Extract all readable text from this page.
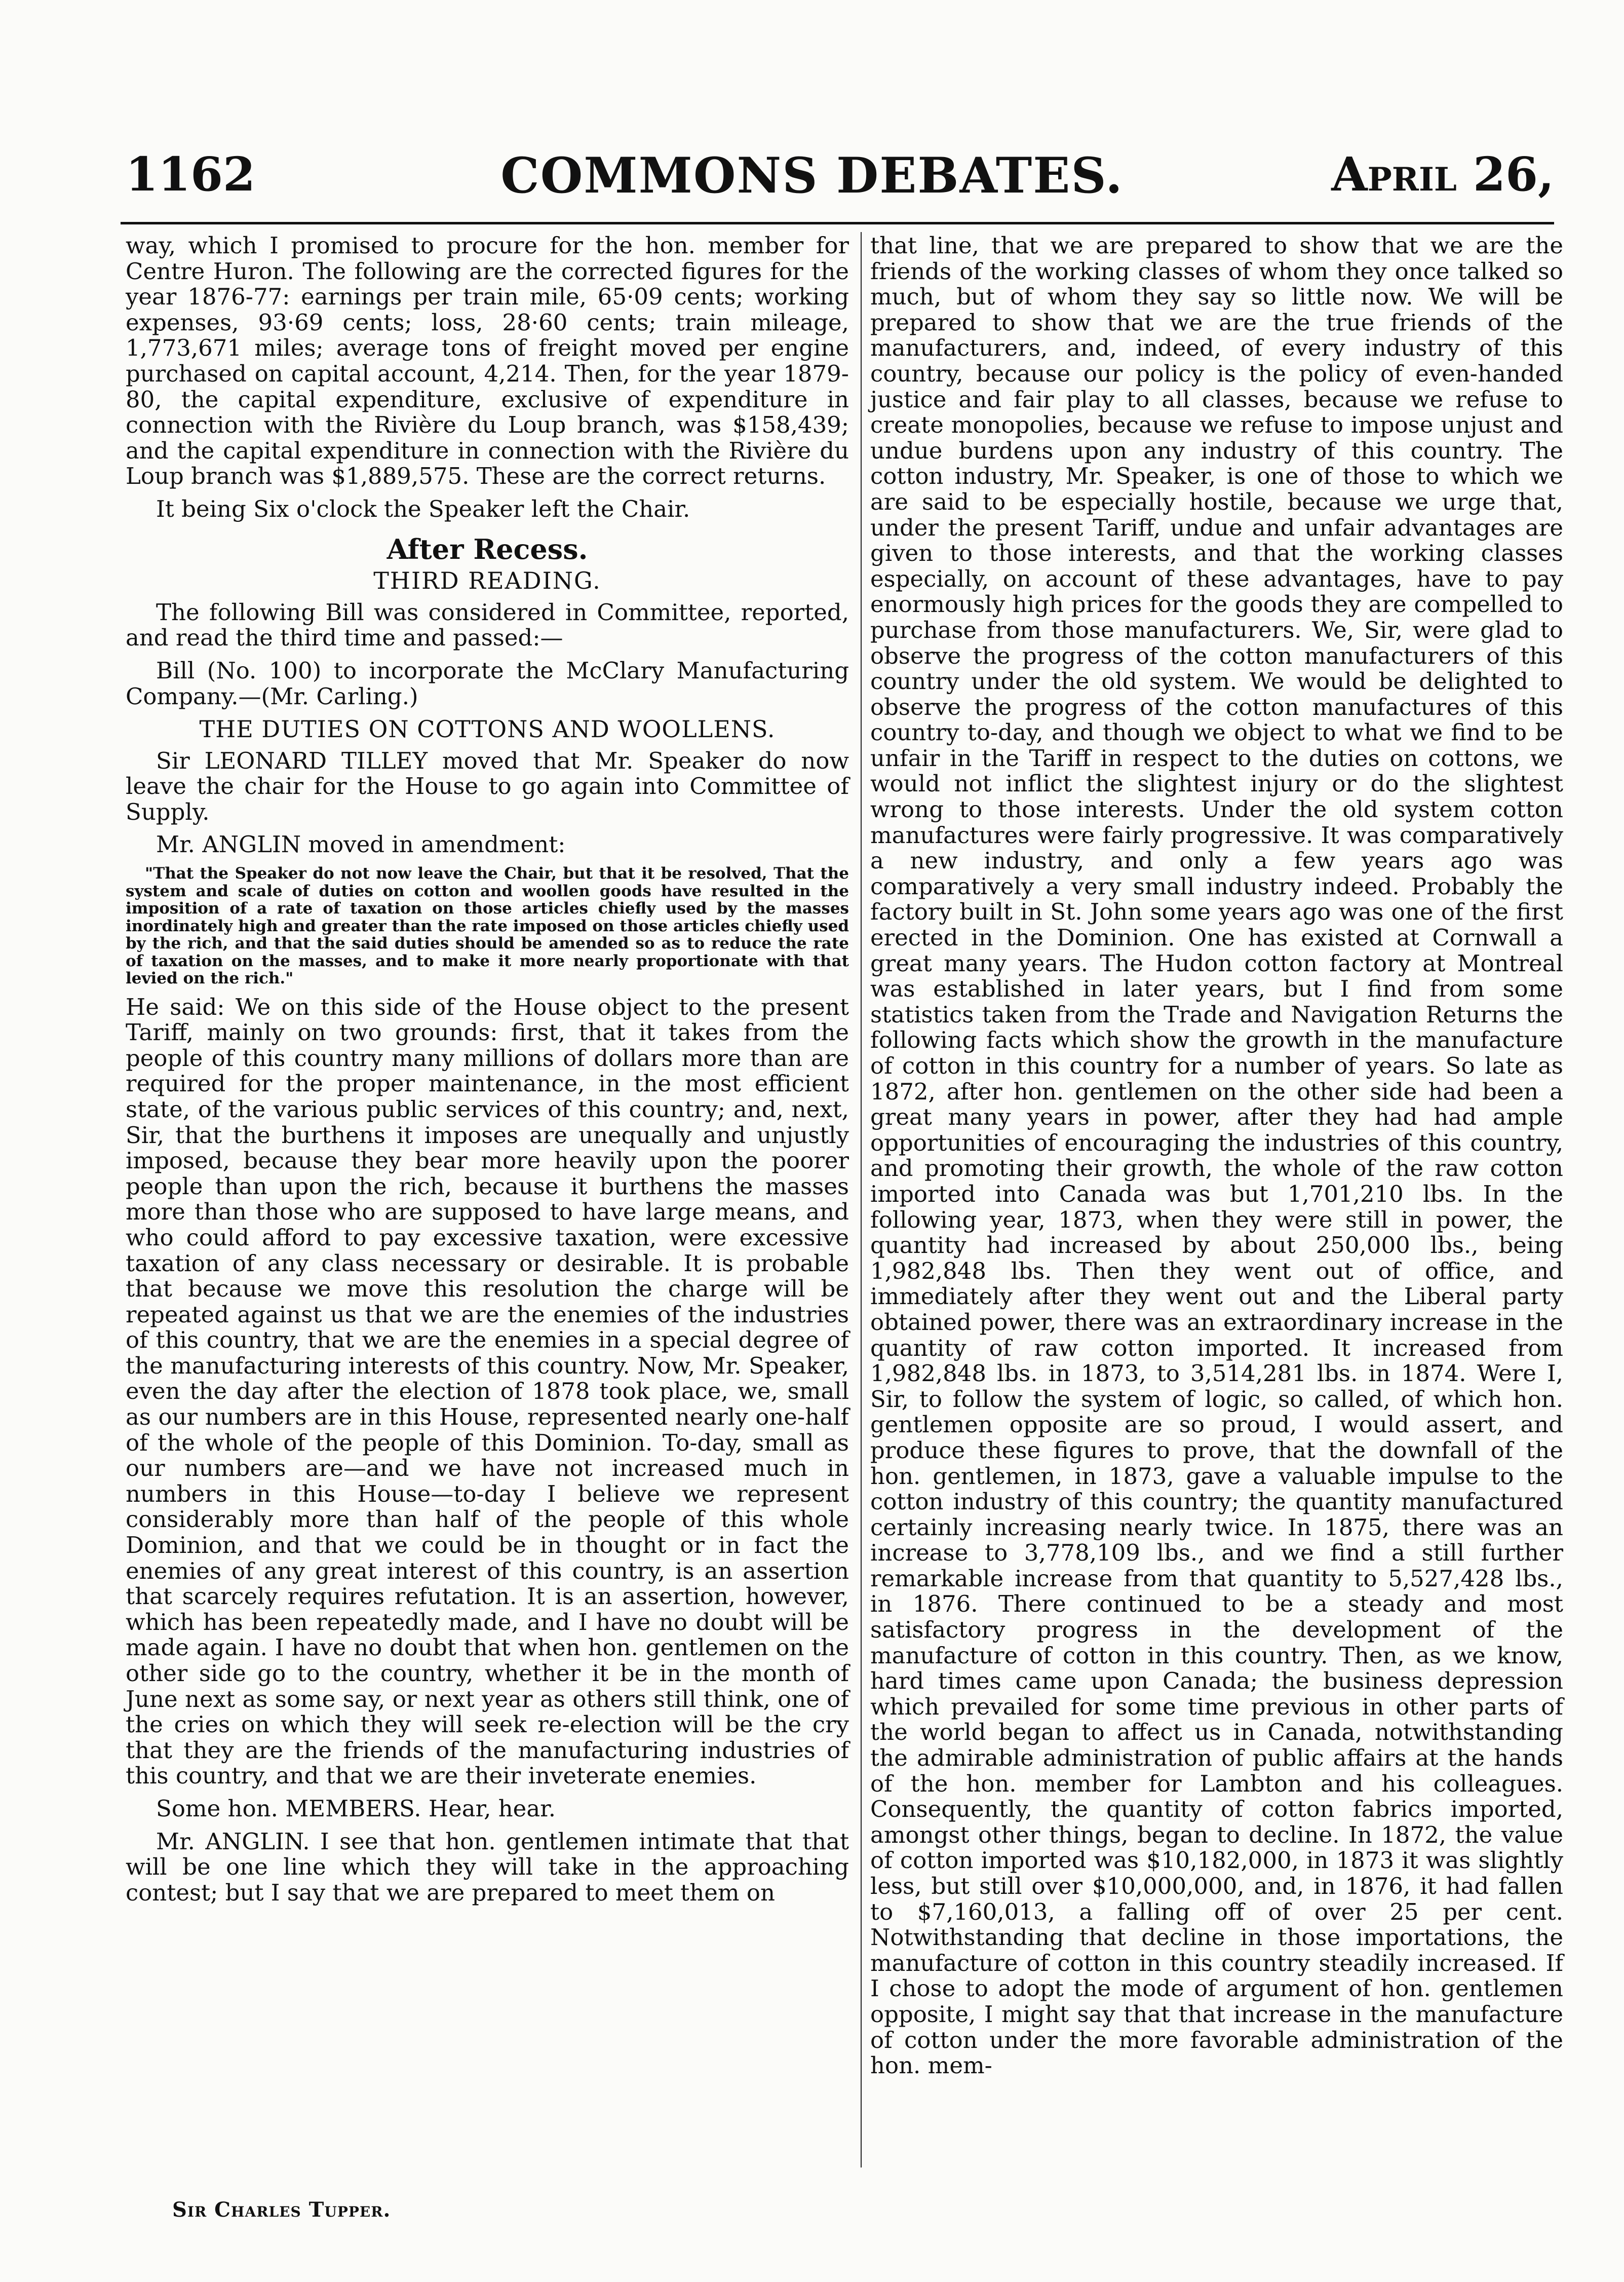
1162	COMMONS DEBATES.	April 26,

way, which I promised to procure for the hon. member for Centre Huron. The following are the corrected figures for the year 1876-77: earnings per train mile, 65·09 cents; working expenses, 93·69 cents; loss, 28·60 cents; train mileage, 1,773,671 miles; average tons of freight moved per engine purchased on capital account, 4,214. Then, for the year 1879-80, the capital expenditure, exclusive of expenditure in connection with the Rivière du Loup branch, was $158,439; and the capital expenditure in connection with the Rivière du Loup branch was $1,889,575. These are the correct returns.

It being Six o'clock the Speaker left the Chair.

After Recess.
THIRD READING.

The following Bill was considered in Committee, reported, and read the third time and passed:—

Bill (No. 100) to incorporate the McClary Manufacturing Company.—(Mr. Carling.)

THE DUTIES ON COTTONS AND WOOLLENS.

Sir LEONARD TILLEY moved that Mr. Speaker do now leave the chair for the House to go again into Committee of Supply.

Mr. ANGLIN moved in amendment:

"That the Speaker do not now leave the Chair, but that it be resolved, That the system and scale of duties on cotton and woollen goods have resulted in the imposition of a rate of taxation on those articles chiefly used by the masses inordinately high and greater than the rate imposed on those articles chiefly used by the rich, and that the said duties should be amended so as to reduce the rate of taxation on the masses, and to make it more nearly proportionate with that levied on the rich."

He said: We on this side of the House object to the present Tariff, mainly on two grounds: first, that it takes from the people of this country many millions of dollars more than are required for the proper maintenance, in the most efficient state, of the various public services of this country; and, next, Sir, that the burthens it imposes are unequally and unjustly imposed, because they bear more heavily upon the poorer people than upon the rich, because it burthens the masses more than those who are supposed to have large means, and who could afford to pay excessive taxation, were excessive taxation of any class necessary or desirable. It is probable that because we move this resolution the charge will be repeated against us that we are the enemies of the industries of this country, that we are the enemies in a special degree of the manufacturing interests of this country. Now, Mr. Speaker, even the day after the election of 1878 took place, we, small as our numbers are in this House, represented nearly one-half of the whole of the people of this Dominion. To-day, small as our numbers are—and we have not increased much in numbers in this House—to-day I believe we represent considerably more than half of the people of this whole Dominion, and that we could be in thought or in fact the enemies of any great interest of this country, is an assertion that scarcely requires refutation. It is an assertion, however, which has been repeatedly made, and I have no doubt will be made again. I have no doubt that when hon. gentlemen on the other side go to the country, whether it be in the month of June next as some say, or next year as others still think, one of the cries on which they will seek re-election will be the cry that they are the friends of the manufacturing industries of this country, and that we are their inveterate enemies.

Some hon. MEMBERS. Hear, hear.

Mr. ANGLIN. I see that hon. gentlemen intimate that that will be one line which they will take in the approaching contest; but I say that we are prepared to meet them on

that line, that we are prepared to show that we are the friends of the working classes of whom they once talked so much, but of whom they say so little now. We will be prepared to show that we are the true friends of the manufacturers, and, indeed, of every industry of this country, because our policy is the policy of even-handed justice and fair play to all classes, because we refuse to create monopolies, because we refuse to impose unjust and undue burdens upon any industry of this country. The cotton industry, Mr. Speaker, is one of those to which we are said to be especially hostile, because we urge that, under the present Tariff, undue and unfair advantages are given to those interests, and that the working classes especially, on account of these advantages, have to pay enormously high prices for the goods they are compelled to purchase from those manufacturers. We, Sir, were glad to observe the progress of the cotton manufacturers of this country under the old system. We would be delighted to observe the progress of the cotton manufactures of this country to-day, and though we object to what we find to be unfair in the Tariff in respect to the duties on cottons, we would not inflict the slightest injury or do the slightest wrong to those interests. Under the old system cotton manufactures were fairly progressive. It was comparatively a new industry, and only a few years ago was comparatively a very small industry indeed. Probably the factory built in St. John some years ago was one of the first erected in the Dominion. One has existed at Cornwall a great many years. The Hudon cotton factory at Montreal was established in later years, but I find from some statistics taken from the Trade and Navigation Returns the following facts which show the growth in the manufacture of cotton in this country for a number of years. So late as 1872, after hon. gentlemen on the other side had been a great many years in power, after they had had ample opportunities of encouraging the industries of this country, and promoting their growth, the whole of the raw cotton imported into Canada was but 1,701,210 lbs. In the following year, 1873, when they were still in power, the quantity had increased by about 250,000 lbs., being 1,982,848 lbs. Then they went out of office, and immediately after they went out and the Liberal party obtained power, there was an extraordinary increase in the quantity of raw cotton imported. It increased from 1,982,848 lbs. in 1873, to 3,514,281 lbs. in 1874. Were I, Sir, to follow the system of logic, so called, of which hon. gentlemen opposite are so proud, I would assert, and produce these figures to prove, that the downfall of the hon. gentlemen, in 1873, gave a valuable impulse to the cotton industry of this country; the quantity manufactured certainly increasing nearly twice. In 1875, there was an increase to 3,778,109 lbs., and we find a still further remarkable increase from that quantity to 5,527,428 lbs., in 1876. There continued to be a steady and most satisfactory progress in the development of the manufacture of cotton in this country. Then, as we know, hard times came upon Canada; the business depression which prevailed for some time previous in other parts of the world began to affect us in Canada, notwithstanding the admirable administration of public affairs at the hands of the hon. member for Lambton and his colleagues. Consequently, the quantity of cotton fabrics imported, amongst other things, began to decline. In 1872, the value of cotton imported was $10,182,000, in 1873 it was slightly less, but still over $10,000,000, and, in 1876, it had fallen to $7,160,013, a falling off of over 25 per cent. Notwithstanding that decline in those importations, the manufacture of cotton in this country steadily increased. If I chose to adopt the mode of argument of hon. gentlemen opposite, I might say that that increase in the manufacture of cotton under the more favorable administration of the hon. mem-

Sir Charles Tupper.
